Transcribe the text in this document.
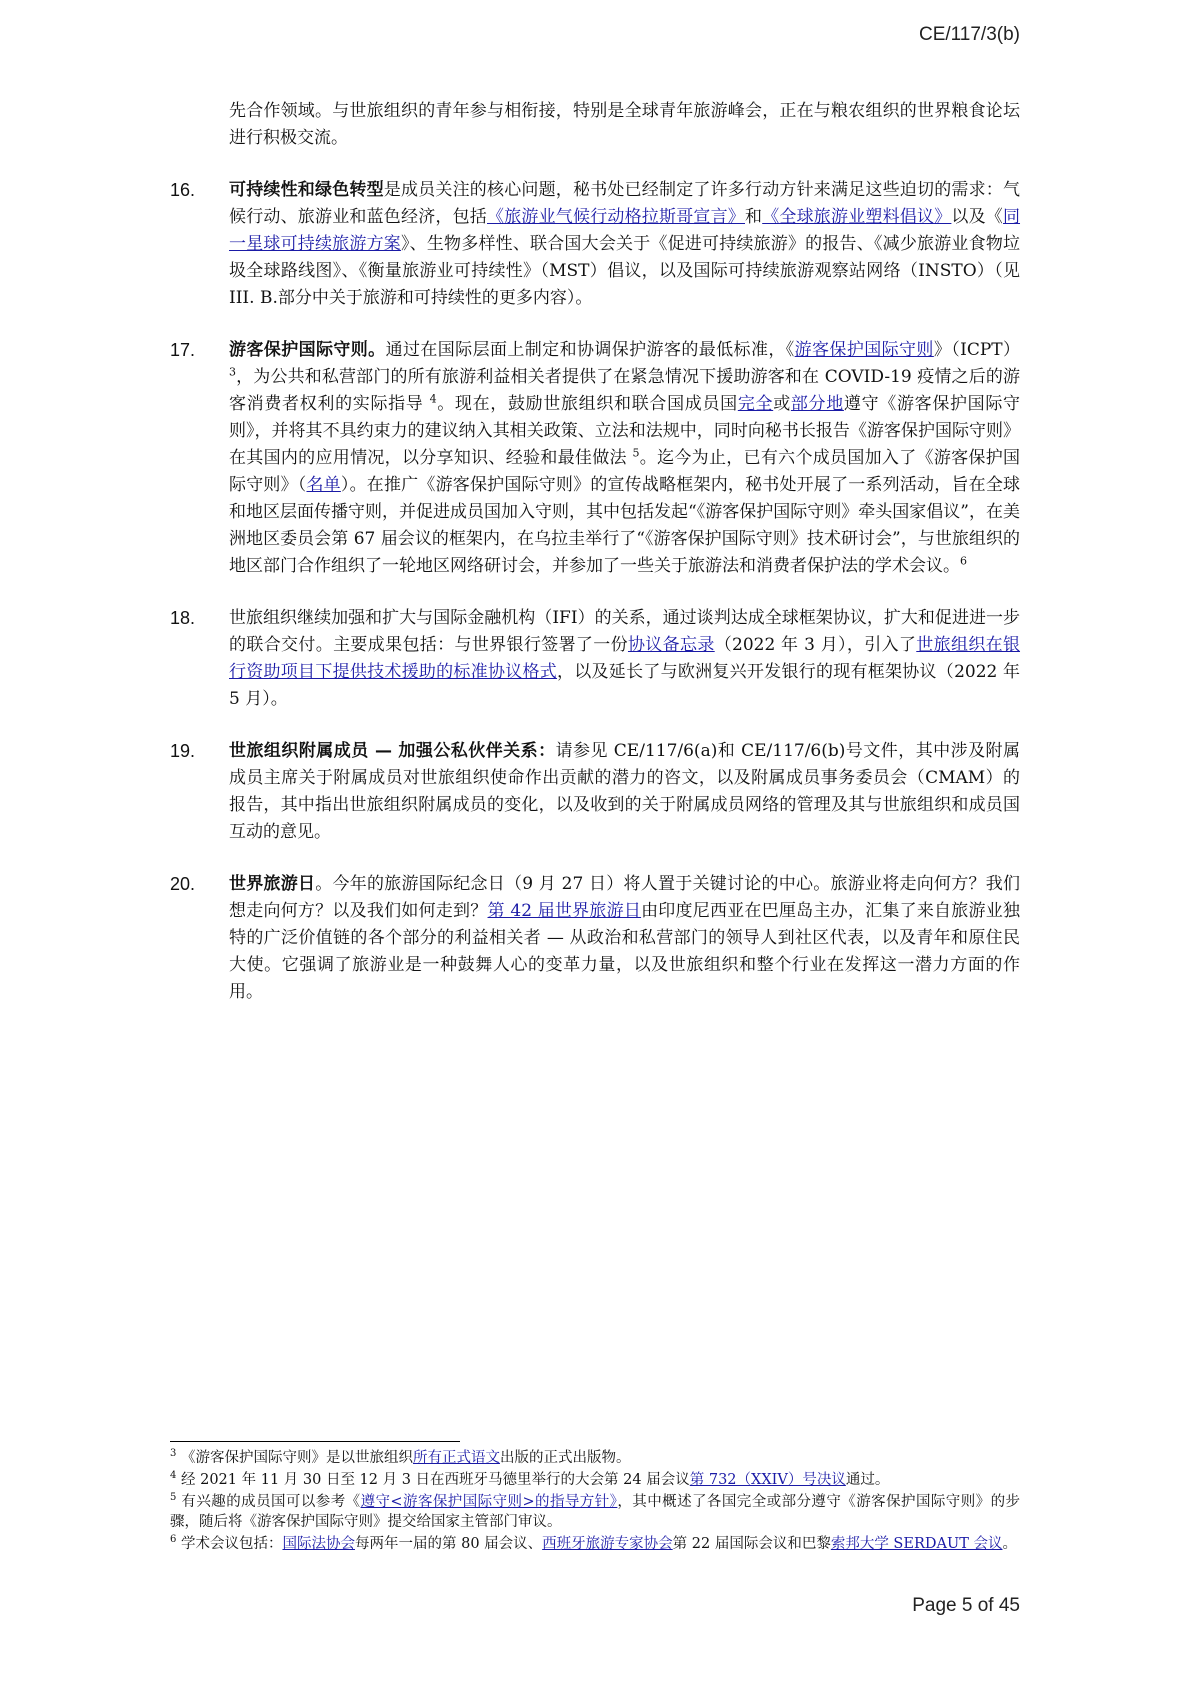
CE/117/3(b)

先合作领域。与世旅组织的青年参与相衔接，特别是全球青年旅游峰会，正在与粮农组织的世界粮食论坛进行积极交流。

16. 可持续性和绿色转型是成员关注的核心问题，秘书处已经制定了许多行动方针来满足这些迫切的需求：气候行动、旅游业和蓝色经济，包括《旅游业气候行动格拉斯哥宣言》和《全球旅游业塑料倡议》以及《同一星球可持续旅游方案》、生物多样性、联合国大会关于《促进可持续旅游》的报告、《减少旅游业食物垃圾全球路线图》、《衡量旅游业可持续性》（MST）倡议，以及国际可持续旅游观察站网络（INSTO）（见 III. B.部分中关于旅游和可持续性的更多内容）。

17. 游客保护国际守则。通过在国际层面上制定和协调保护游客的最低标准，《游客保护国际守则》（ICPT）$^3$，为公共和私营部门的所有旅游利益相关者提供了在紧急情况下援助游客和在 COVID-19 疫情之后的游客消费者权利的实际指导 $^4$。现在，鼓励世旅组织和联合国成员国完全或部分地遵守《游客保护国际守则》，并将其不具约束力的建议纳入其相关政策、立法和法规中，同时向秘书长报告《游客保护国际守则》在其国内的应用情况，以分享知识、经验和最佳做法 $^5$。迄今为止，已有六个成员国加入了《游客保护国际守则》（名单）。在推广《游客保护国际守则》的宣传战略框架内，秘书处开展了一系列活动，旨在全球和地区层面传播守则，并促进成员国加入守则，其中包括发起“《游客保护国际守则》牵头国家倡议”，在美洲地区委员会第 67 届会议的框架内，在乌拉圭举行了“《游客保护国际守则》技术研讨会”，与世旅组织的地区部门合作组织了一轮地区网络研讨会，并参加了一些关于旅游法和消费者保护法的学术会议。$^6$

18. 世旅组织继续加强和扩大与国际金融机构（IFI）的关系，通过谈判达成全球框架协议，扩大和促进进一步的联合交付。主要成果包括：与世界银行签署了一份协议备忘录（2022 年 3 月），引入了世旅组织在银行资助项目下提供技术援助的标准协议格式，以及延长了与欧洲复兴开发银行的现有框架协议（2022 年 5 月）。

19. 世旅组织附属成员 — 加强公私伙伴关系：请参见 CE/117/6(a)和 CE/117/6(b)号文件，其中涉及附属成员主席关于附属成员对世旅组织使命作出贡献的潜力的咨文，以及附属成员事务委员会（CMAM）的报告，其中指出世旅组织附属成员的变化，以及收到的关于附属成员网络的管理及其与世旅组织和成员国互动的意见。

20. 世界旅游日。今年的旅游国际纪念日（9 月 27 日）将人置于关键讨论的中心。旅游业将走向何方？我们想走向何方？以及我们如何走到？第 42 届世界旅游日由印度尼西亚在巴厘岛主办，汇集了来自旅游业独特的广泛价值链的各个部分的利益相关者 — 从政治和私营部门的领导人到社区代表，以及青年和原住民大使。它强调了旅游业是一种鼓舞人心的变革力量，以及世旅组织和整个行业在发挥这一潜力方面的作用。

$^3$ 《游客保护国际守则》是以世旅组织所有正式语文出版的正式出版物。

$^4$ 经 2021 年 11 月 30 日至 12 月 3 日在西班牙马德里举行的大会第 24 届会议第 732（XXIV）号决议通过。

$^5$ 有兴趣的成员国可以参考《遵守<游客保护国际守则>的指导方针》，其中概述了各国完全或部分遵守《游客保护国际守则》的步骤，随后将《游客保护国际守则》提交给国家主管部门审议。

$^6$ 学术会议包括：国际法协会每两年一届的第 80 届会议、西班牙旅游专家协会第 22 届国际会议和巴黎索邦大学 SERDAUT 会议。

Page 5 of 45
